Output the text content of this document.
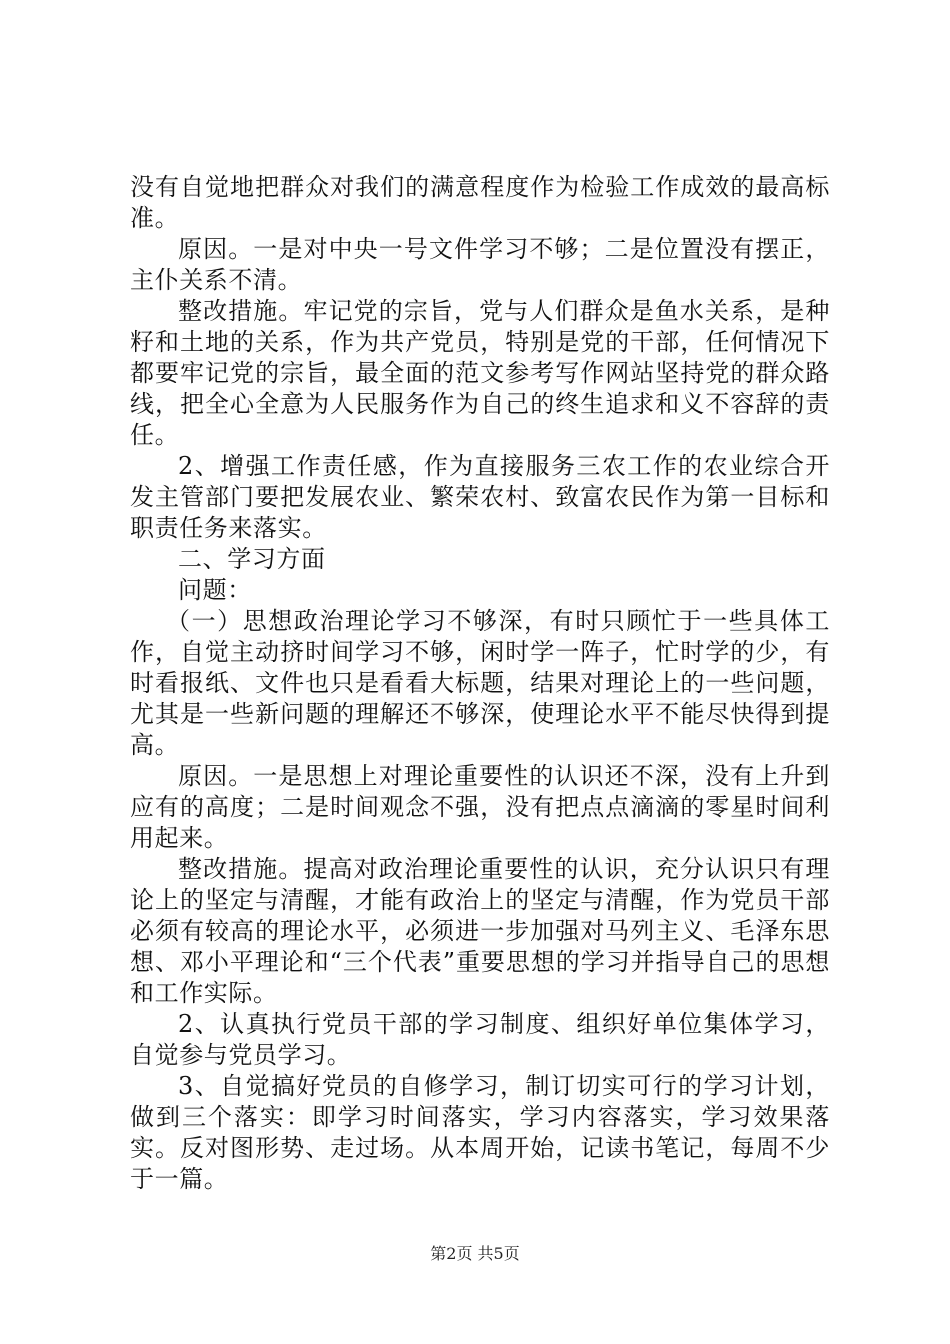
没有自觉地把群众对我们的满意程度作为检验工作成效的最高标准。

原因。一是对中央一号文件学习不够；二是位置没有摆正，主仆关系不清。

整改措施。牢记党的宗旨，党与人们群众是鱼水关系，是种籽和土地的关系，作为共产党员，特别是党的干部，任何情况下都要牢记党的宗旨，最全面的范文参考写作网站坚持党的群众路线，把全心全意为人民服务作为自己的终生追求和义不容辞的责任。

2、增强工作责任感，作为直接服务三农工作的农业综合开发主管部门要把发展农业、繁荣农村、致富农民作为第一目标和职责任务来落实。

二、学习方面

问题：

（一）思想政治理论学习不够深，有时只顾忙于一些具体工作，自觉主动挤时间学习不够，闲时学一阵子，忙时学的少，有时看报纸、文件也只是看看大标题，结果对理论上的一些问题，尤其是一些新问题的理解还不够深，使理论水平不能尽快得到提高。

原因。一是思想上对理论重要性的认识还不深，没有上升到应有的高度；二是时间观念不强，没有把点点滴滴的零星时间利用起来。

整改措施。提高对政治理论重要性的认识，充分认识只有理论上的坚定与清醒，才能有政治上的坚定与清醒，作为党员干部必须有较高的理论水平，必须进一步加强对马列主义、毛泽东思想、邓小平理论和“三个代表”重要思想的学习并指导自己的思想和工作实际。

2、认真执行党员干部的学习制度、组织好单位集体学习，自觉参与党员学习。

3、自觉搞好党员的自修学习，制订切实可行的学习计划，做到三个落实：即学习时间落实，学习内容落实，学习效果落实。反对图形势、走过场。从本周开始，记读书笔记，每周不少于一篇。

第2页 共5页
